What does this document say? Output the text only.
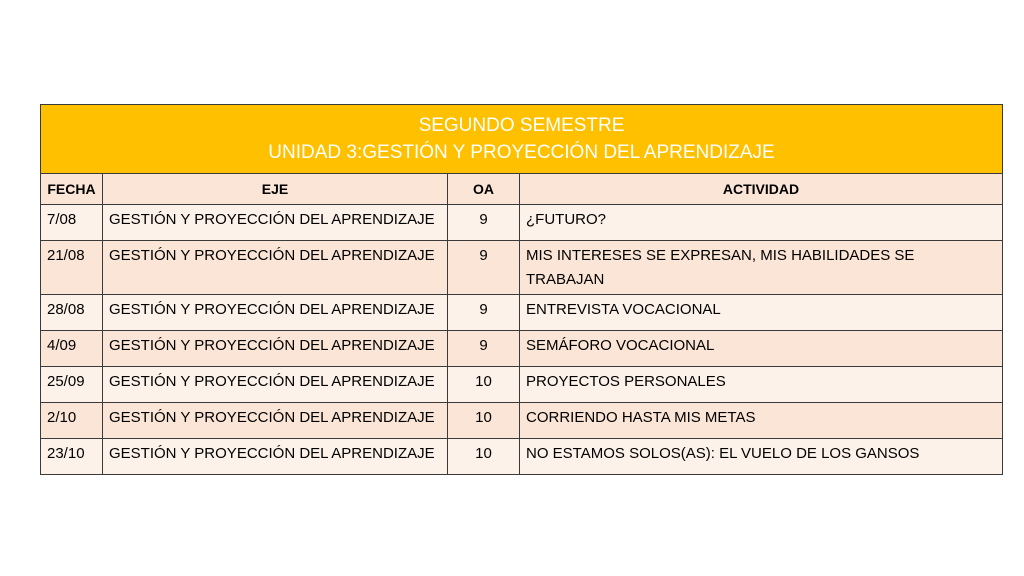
SEGUNDO SEMESTRE
UNIDAD 3:GESTIÓN Y PROYECCIÓN DEL APRENDIZAJE			

FECHA	EJE	OA	ACTIVIDAD
7/08	GESTIÓN Y PROYECCIÓN DEL APRENDIZAJE	9	¿FUTURO?
21/08	GESTIÓN Y PROYECCIÓN DEL APRENDIZAJE	9	MIS INTERESES SE EXPRESAN, MIS HABILIDADES SE TRABAJAN
28/08	GESTIÓN Y PROYECCIÓN DEL APRENDIZAJE	9	ENTREVISTA VOCACIONAL
4/09	GESTIÓN Y PROYECCIÓN DEL APRENDIZAJE	9	SEMÁFORO VOCACIONAL
25/09	GESTIÓN Y PROYECCIÓN DEL APRENDIZAJE	10	PROYECTOS PERSONALES
2/10	GESTIÓN Y PROYECCIÓN DEL APRENDIZAJE	10	CORRIENDO HASTA MIS METAS
23/10	GESTIÓN Y PROYECCIÓN DEL APRENDIZAJE	10	NO ESTAMOS SOLOS(AS): EL VUELO DE LOS GANSOS
